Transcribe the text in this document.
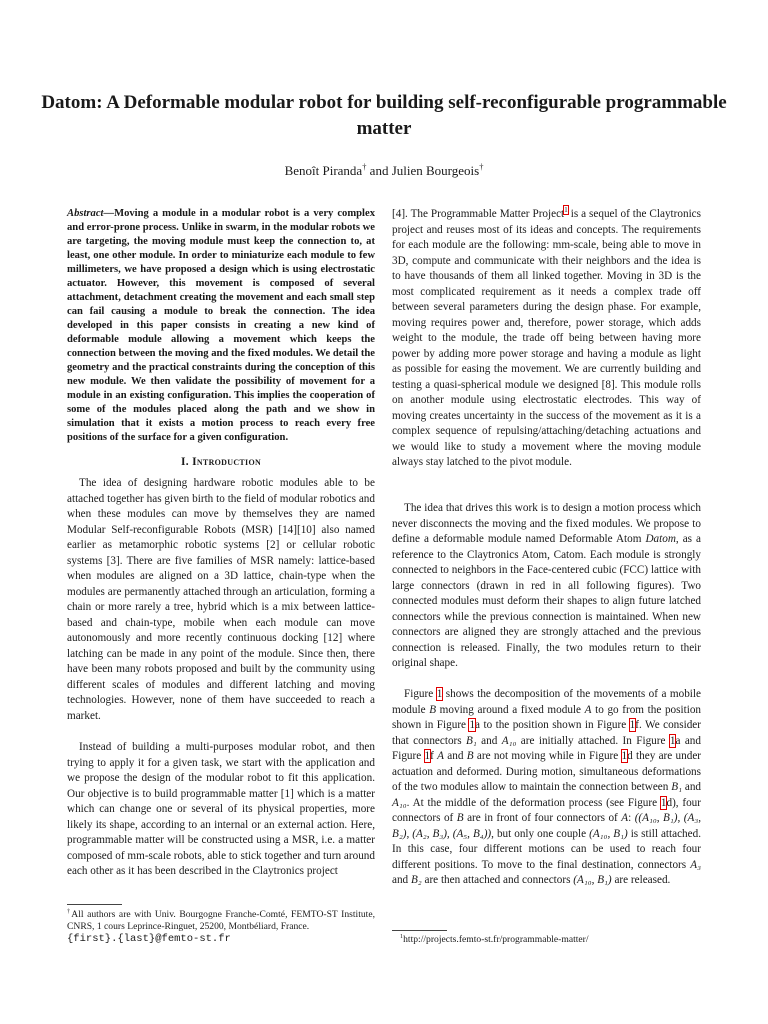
Datom: A Deformable modular robot for building self-reconfigurable programmable matter
Benoît Piranda† and Julien Bourgeois†

Abstract—Moving a module in a modular robot is a very complex and error-prone process. Unlike in swarm, in the modular robots we are targeting, the moving module must keep the connection to, at least, one other module. In order to miniaturize each module to few millimeters, we have proposed a design which is using electrostatic actuator. However, this movement is composed of several attachment, detachment creating the movement and each small step can fail causing a module to break the connection. The idea developed in this paper consists in creating a new kind of deformable module allowing a movement which keeps the connection between the moving and the fixed modules. We detail the geometry and the practical constraints during the conception of this new module. We then validate the possibility of movement for a module in an existing configuration. This implies the cooperation of some of the modules placed along the path and we show in simulation that it exists a motion process to reach every free positions of the surface for a given configuration.

I. Introduction

The idea of designing hardware robotic modules able to be attached together has given birth to the field of modular robotics and when these modules can move by themselves they are named Modular Self-reconfigurable Robots (MSR) [14][10] also named earlier as metamorphic robotic systems [2] or cellular robotic systems [3]. There are five families of MSR namely: lattice-based when modules are aligned on a 3D lattice, chain-type when the modules are permanently attached through an articulation, forming a chain or more rarely a tree, hybrid which is a mix between lattice-based and chain-type, mobile when each module can move autonomously and more recently continuous docking [12] where latching can be made in any point of the module. Since then, there have been many robots proposed and built by the community using different scales of modules and different latching and moving technologies. However, none of them have succeeded to reach a market.

Instead of building a multi-purposes modular robot, and then trying to apply it for a given task, we start with the application and we propose the design of the modular robot to fit this application. Our objective is to build programmable matter [1] which is a matter which can change one or several of its physical properties, more likely its shape, according to an internal or an external action. Here, programmable matter will be constructed using a MSR, i.e. a matter composed of mm-scale robots, able to stick together and turn around each other as it has been described in the Claytronics project

†All authors are with Univ. Bourgogne Franche-Comté, FEMTO-ST Institute, CNRS, 1 cours Leprince-Ringuet, 25200, Montbéliard, France.
{first}.{last}@femto-st.fr

[4]. The Programmable Matter Project$^1$ is a sequel of the Claytronics project and reuses most of its ideas and concepts. The requirements for each module are the following: mm-scale, being able to move in 3D, compute and communicate with their neighbors and the idea is to have thousands of them all linked together. Moving in 3D is the most complicated requirement as it needs a complex trade off between several parameters during the design phase. For example, moving requires power and, therefore, power storage, which adds weight to the module, the trade off being between having more power by adding more power storage and having a module as light as possible for easing the movement. We are currently building and testing a quasi-spherical module we designed [8]. This module rolls on another module using electrostatic electrodes. This way of moving creates uncertainty in the success of the movement as it is a complex sequence of repulsing/attaching/detaching actuations and we would like to study a movement where the moving module always stay latched to the pivot module.

The idea that drives this work is to design a motion process which never disconnects the moving and the fixed modules. We propose to define a deformable module named Deformable Atom Datom, as a reference to the Claytronics Atom, Catom. Each module is strongly connected to neighbors in the Face-centered cubic (FCC) lattice with large connectors (drawn in red in all following figures). Two connected modules must deform their shapes to align future latched connectors while the previous connection is maintained. When new connectors are aligned they are strongly attached and the previous connection is released. Finally, the two modules return to their original shape.

Figure 1 shows the decomposition of the movements of a mobile module B moving around a fixed module A to go from the position shown in Figure 1a to the position shown in Figure 1f. We consider that connectors B₁ and A₁₀ are initially attached. In Figure 1a and Figure 1f A and B are not moving while in Figure 1d they are under actuation and deformed. During motion, simultaneous deformations of the two modules allow to maintain the connection between B₁ and A₁₀. At the middle of the deformation process (see Figure 1d), four connectors of B are in front of four connectors of A: ((A₁₀, B₁), (A₃, B₂), (A₂, B₃), (A₅, B₄)), but only one couple (A₁₀, B₁) is still attached. In this case, four different motions can be used to reach four different positions. To move to the final destination, connectors A₃ and B₂ are then attached and connectors (A₁₀, B₁) are released.

$^1$http://projects.femto-st.fr/programmable-matter/
